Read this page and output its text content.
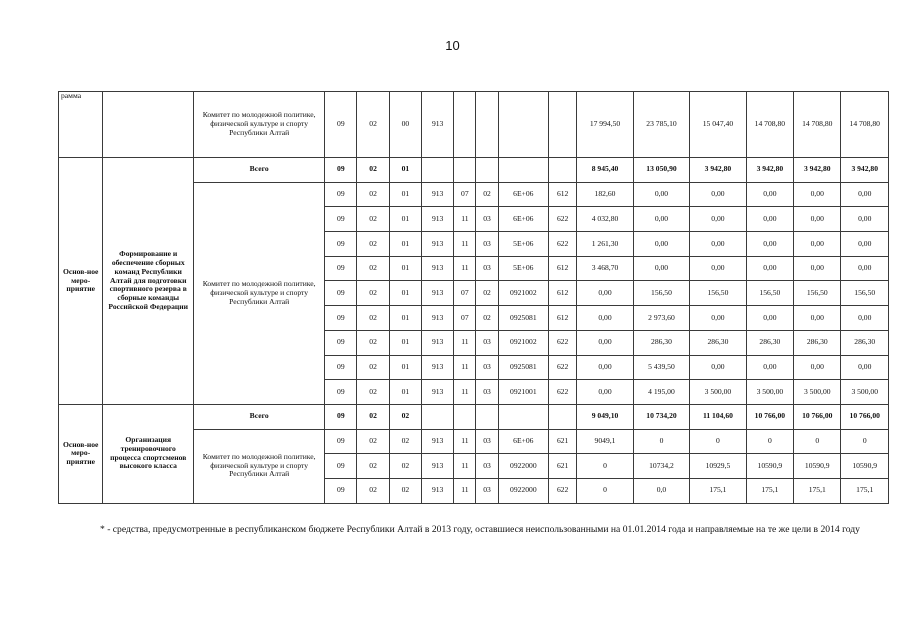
10
рамма		Комитет по молодежной политике, физической культуре и спорту Республики Алтай	09	02	00	913					17 994,50	23 785,10	15 047,40	14 708,80	14 708,80	14 708,80
Основ-ное меро-приятие	Формирование и обеспечение сборных команд Республики Алтай для подготовки спортивного резерва в сборные команды Российской Федерации	Всего	09	02	01						8 945,40	13 050,90	3 942,80	3 942,80	3 942,80	3 942,80
		Комитет по молодежной политике, физической культуре и спорту Республики Алтай	09	02	01	913	07	02	6Е+06	612	182,60	0,00	0,00	0,00	0,00	0,00
			09	02	01	913	11	03	6Е+06	622	4 032,80	0,00	0,00	0,00	0,00	0,00
			09	02	01	913	11	03	5Е+06	622	1 261,30	0,00	0,00	0,00	0,00	0,00
			09	02	01	913	11	03	5Е+06	612	3 468,70	0,00	0,00	0,00	0,00	0,00
			09	02	01	913	07	02	0921002	612	0,00	156,50	156,50	156,50	156,50	156,50
			09	02	01	913	07	02	0925081	612	0,00	2 973,60	0,00	0,00	0,00	0,00
			09	02	01	913	11	03	0921002	622	0,00	286,30	286,30	286,30	286,30	286,30
			09	02	01	913	11	03	0925081	622	0,00	5 439,50	0,00	0,00	0,00	0,00
			09	02	01	913	11	03	0921001	622	0,00	4 195,00	3 500,00	3 500,00	3 500,00	3 500,00
Основ-ное меро-приятие	Организация тренировочного процесса спортсменов высокого класса	Всего	09	02	02						9 049,10	10 734,20	11 104,60	10 766,00	10 766,00	10 766,00
		Комитет по молодежной политике, физической культуре и спорту Республики Алтай	09	02	02	913	11	03	6Е+06	621	9049,1	0	0	0	0	0
			09	02	02	913	11	03	0922000	621	0	10734,2	10929,5	10590,9	10590,9	10590,9
			09	02	02	913	11	03	0922000	622	0	0,0	175,1	175,1	175,1	175,1
* - средства, предусмотренные в республиканском бюджете Республики Алтай в 2013 году, оставшиеся неиспользованными на 01.01.2014 года и направляемые на те же цели в 2014 году
